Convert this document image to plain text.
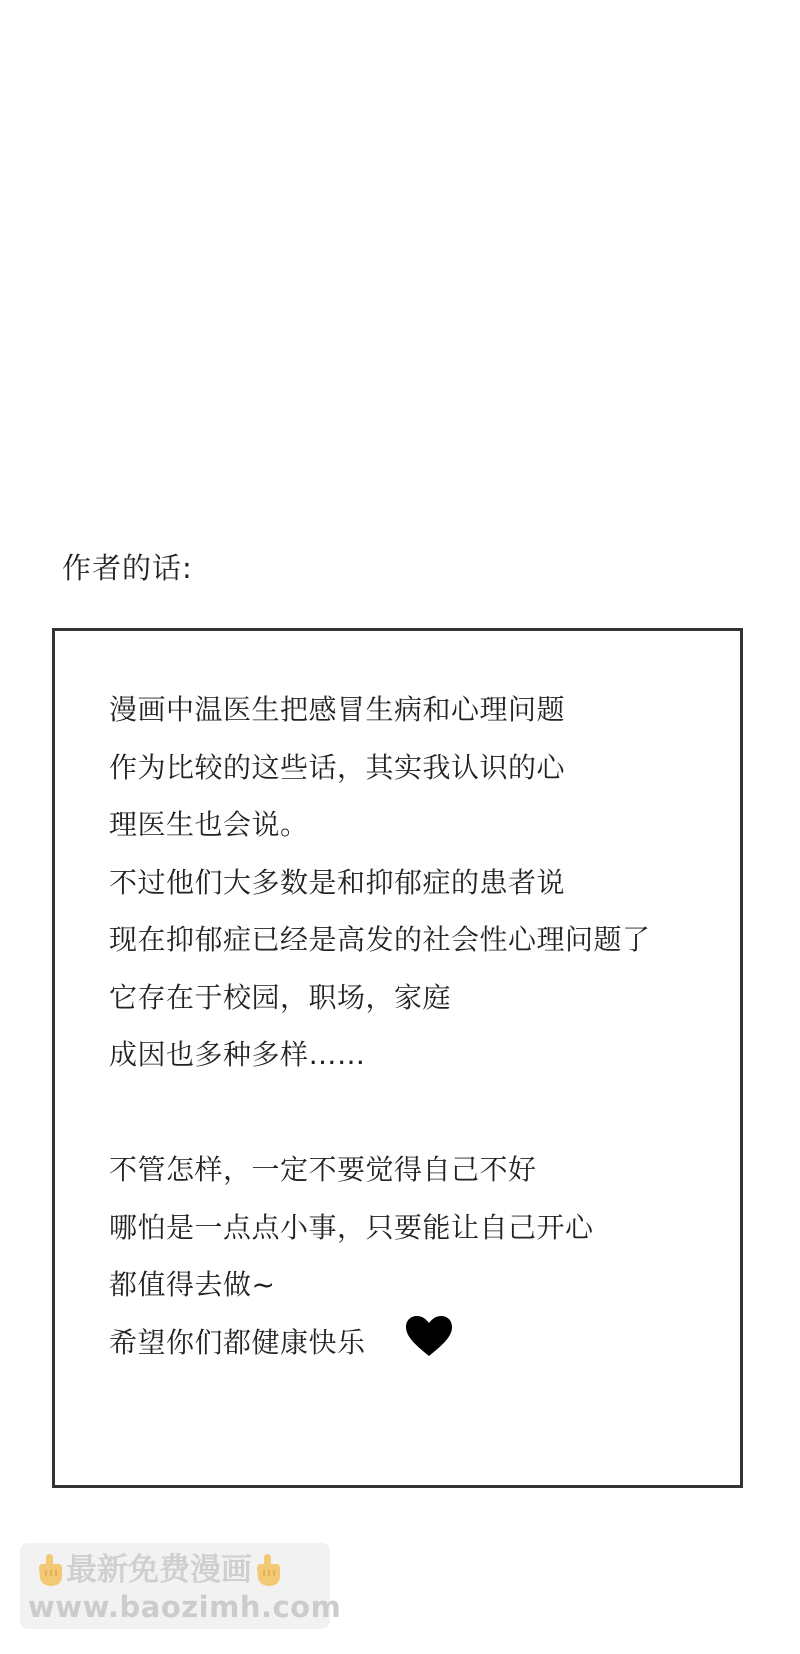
作者的话:
漫画中温医生把感冒生病和心理问题
作为比较的这些话，其实我认识的心
理医生也会说。
不过他们大多数是和抑郁症的患者说
现在抑郁症已经是高发的社会性心理问题了
它存在于校园，职场，家庭
成因也多种多样……
不管怎样，一定不要觉得自己不好
哪怕是一点点小事，只要能让自己开心
都值得去做~
希望你们都健康快乐
最新免费漫画
www.baozimh.com
